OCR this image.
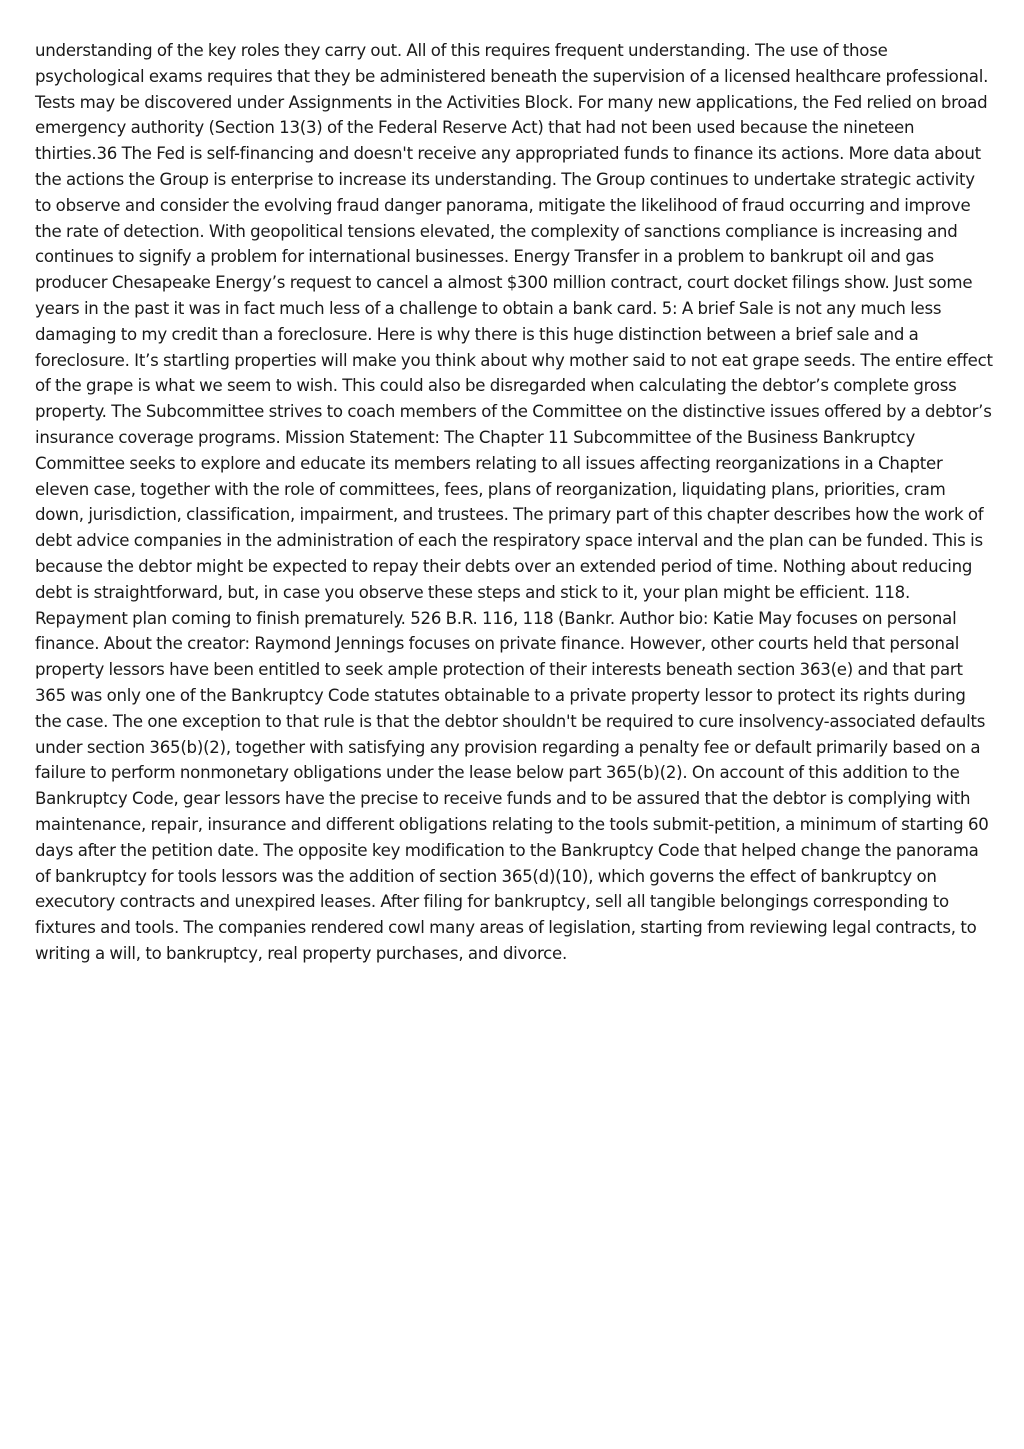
understanding of the key roles they carry out. All of this requires frequent understanding. The use of those psychological exams requires that they be administered beneath the supervision of a licensed healthcare professional. Tests may be discovered under Assignments in the Activities Block. For many new applications, the Fed relied on broad emergency authority (Section 13(3) of the Federal Reserve Act) that had not been used because the nineteen thirties.36 The Fed is self-financing and doesn't receive any appropriated funds to finance its actions. More data about the actions the Group is enterprise to increase its understanding. The Group continues to undertake strategic activity to observe and consider the evolving fraud danger panorama, mitigate the likelihood of fraud occurring and improve the rate of detection. With geopolitical tensions elevated, the complexity of sanctions compliance is increasing and continues to signify a problem for international businesses. Energy Transfer in a problem to bankrupt oil and gas producer Chesapeake Energy’s request to cancel a almost $300 million contract, court docket filings show. Just some years in the past it was in fact much less of a challenge to obtain a bank card. 5: A brief Sale is not any much less damaging to my credit than a foreclosure. Here is why there is this huge distinction between a brief sale and a foreclosure. It’s startling properties will make you think about why mother said to not eat grape seeds. The entire effect of the grape is what we seem to wish. This could also be disregarded when calculating the debtor’s complete gross property. The Subcommittee strives to coach members of the Committee on the distinctive issues offered by a debtor’s insurance coverage programs. Mission Statement: The Chapter 11 Subcommittee of the Business Bankruptcy Committee seeks to explore and educate its members relating to all issues affecting reorganizations in a Chapter eleven case, together with the role of committees, fees, plans of reorganization, liquidating plans, priorities, cram down, jurisdiction, classification, impairment, and trustees. The primary part of this chapter describes how the work of debt advice companies in the administration of each the respiratory space interval and the plan can be funded. This is because the debtor might be expected to repay their debts over an extended period of time. Nothing about reducing debt is straightforward, but, in case you observe these steps and stick to it, your plan might be efficient. 118. Repayment plan coming to finish prematurely. 526 B.R. 116, 118 (Bankr. Author bio: Katie May focuses on personal finance. About the creator: Raymond Jennings focuses on private finance. However, other courts held that personal property lessors have been entitled to seek ample protection of their interests beneath section 363(e) and that part 365 was only one of the Bankruptcy Code statutes obtainable to a private property lessor to protect its rights during the case. The one exception to that rule is that the debtor shouldn't be required to cure insolvency-associated defaults under section 365(b)(2), together with satisfying any provision regarding a penalty fee or default primarily based on a failure to perform nonmonetary obligations under the lease below part 365(b)(2). On account of this addition to the Bankruptcy Code, gear lessors have the precise to receive funds and to be assured that the debtor is complying with maintenance, repair, insurance and different obligations relating to the tools submit-petition, a minimum of starting 60 days after the petition date. The opposite key modification to the Bankruptcy Code that helped change the panorama of bankruptcy for tools lessors was the addition of section 365(d)(10), which governs the effect of bankruptcy on executory contracts and unexpired leases. After filing for bankruptcy, sell all tangible belongings corresponding to fixtures and tools. The companies rendered cowl many areas of legislation, starting from reviewing legal contracts, to writing a will, to bankruptcy, real property purchases, and divorce.
